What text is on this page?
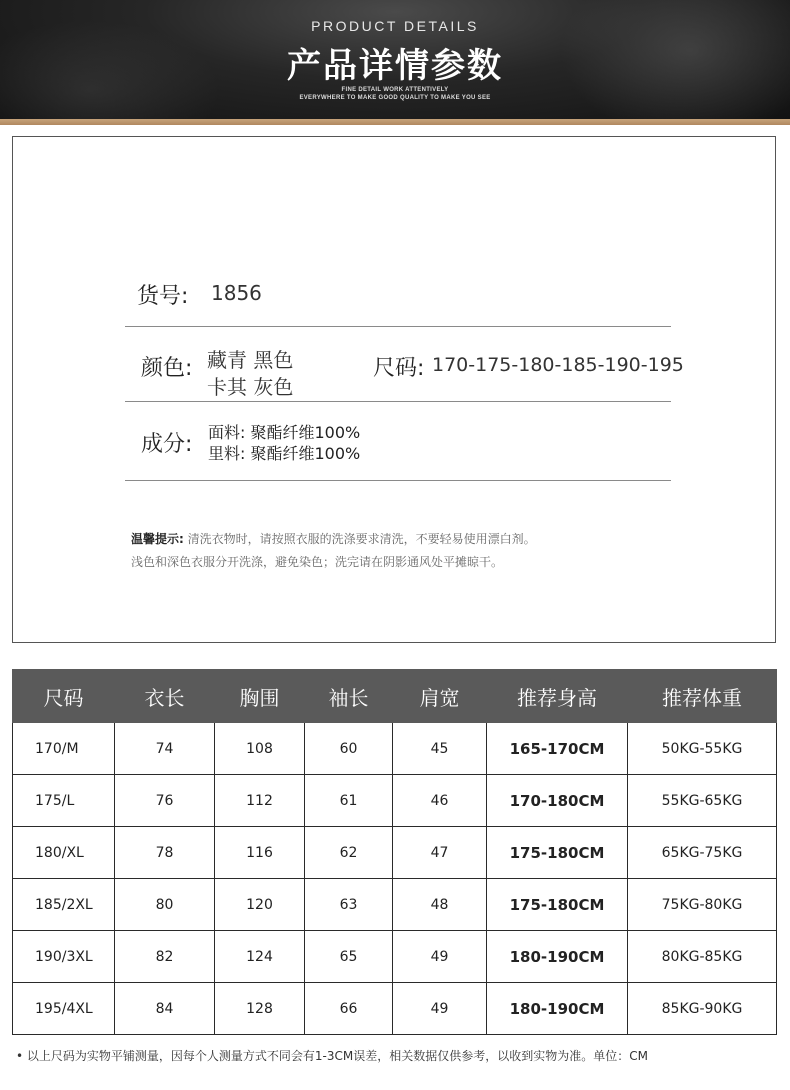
PRODUCT DETAILS
产品详情参数
FINE DETAIL WORK ATTENTIVELY
EVERYWHERE TO MAKE GOOD QUALITY TO MAKE YOU SEE
货号: 1856
颜色: 藏青 黑色
卡其 灰色
尺码: 170-175-180-185-190-195
成分: 面料: 聚酯纤维100%
里料: 聚酯纤维100%
温馨提示: 清洗衣物时，请按照衣服的洗涤要求清洗，不要轻易使用漂白剂。
浅色和深色衣服分开洗涤，避免染色；洗完请在阴影通风处平摊晾干。
尺码	衣长	胸围	袖长	肩宽	推荐身高	推荐体重
170/M	74	108	60	45	165-170CM	50KG-55KG
175/L	76	112	61	46	170-180CM	55KG-65KG
180/XL	78	116	62	47	175-180CM	65KG-75KG
185/2XL	80	120	63	48	175-180CM	75KG-80KG
190/3XL	82	124	65	49	180-190CM	80KG-85KG
195/4XL	84	128	66	49	180-190CM	85KG-90KG
• 以上尺码为实物平铺测量，因每个人测量方式不同会有1-3CM误差，相关数据仅供参考，以收到实物为准。单位：CM
